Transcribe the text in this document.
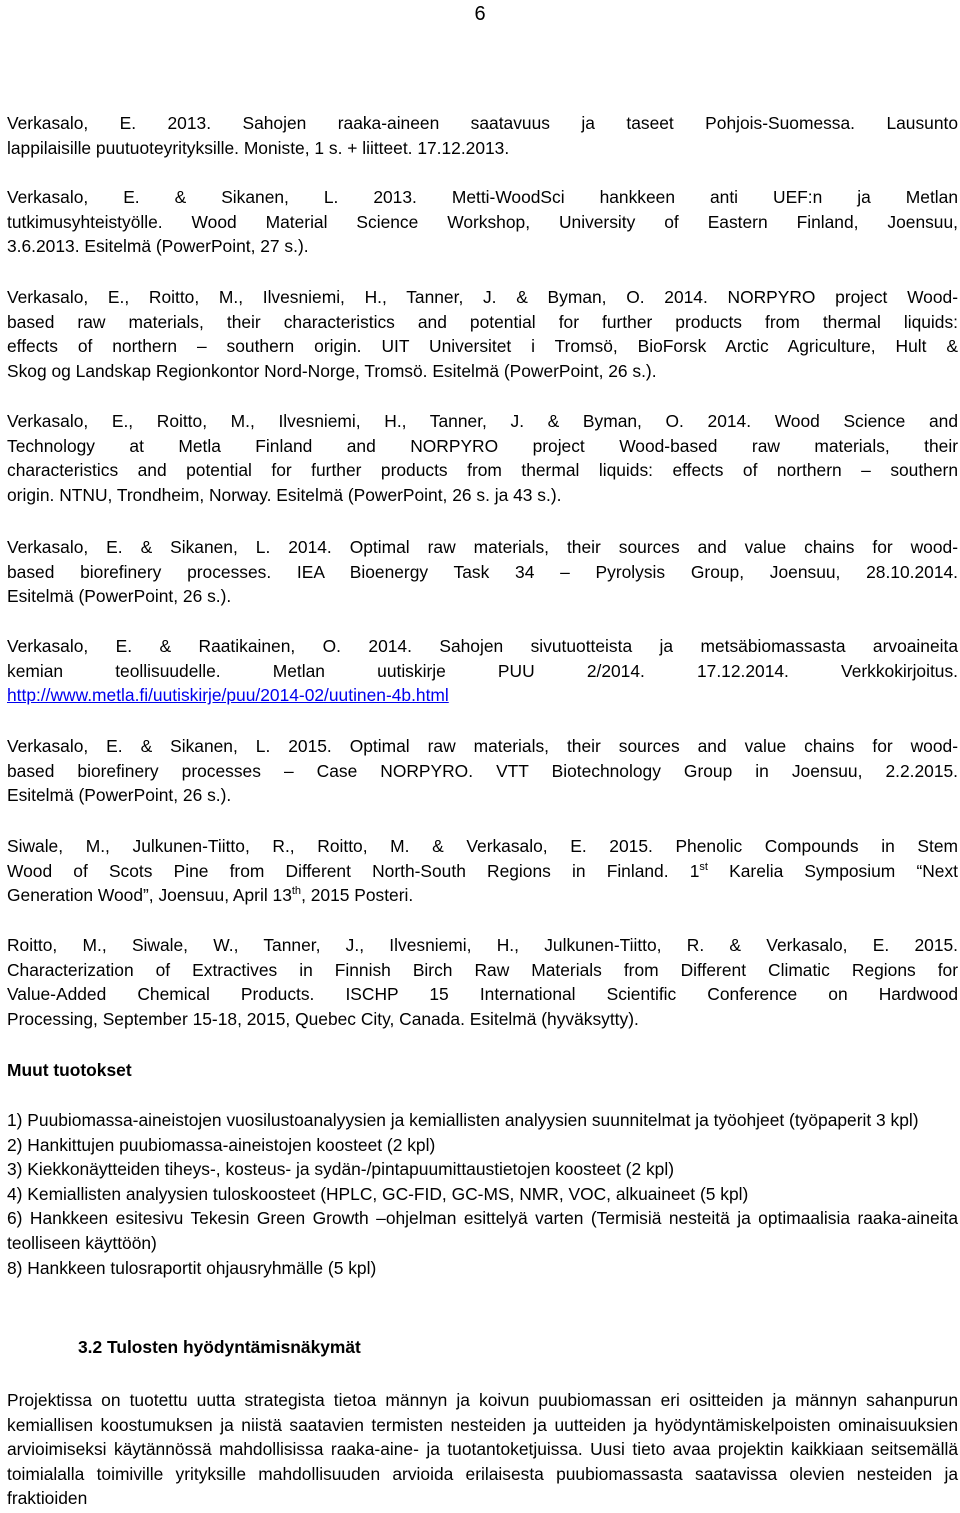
6
Verkasalo, E. 2013. Sahojen raaka-aineen saatavuus ja taseet Pohjois-Suomessa. Lausunto
lappilaisille puutuoteyrityksille. Moniste, 1 s. + liitteet. 17.12.2013.
Verkasalo, E. & Sikanen, L. 2013. Metti-WoodSci hankkeen anti UEF:n ja Metlan
tutkimusyhteistyölle. Wood Material Science Workshop, University of Eastern Finland, Joensuu,
3.6.2013. Esitelmä (PowerPoint, 27 s.).
Verkasalo, E., Roitto, M., Ilvesniemi, H., Tanner, J. & Byman, O. 2014. NORPYRO project Wood-
based raw materials, their characteristics and potential for further products from thermal liquids:
effects of northern – southern origin. UIT Universitet i Tromsö, BioForsk Arctic Agriculture, Hult &
Skog og Landskap Regionkontor Nord-Norge, Tromsö. Esitelmä (PowerPoint, 26 s.).
Verkasalo, E., Roitto, M., Ilvesniemi, H., Tanner, J. & Byman, O. 2014. Wood Science and
Technology at Metla Finland and NORPYRO project Wood-based raw materials, their
characteristics and potential for further products from thermal liquids: effects of northern – southern
origin. NTNU, Trondheim, Norway. Esitelmä (PowerPoint, 26 s. ja 43 s.).
Verkasalo, E. & Sikanen, L. 2014. Optimal raw materials, their sources and value chains for wood-
based biorefinery processes. IEA Bioenergy Task 34 – Pyrolysis Group, Joensuu, 28.10.2014.
Esitelmä (PowerPoint, 26 s.).
Verkasalo, E. & Raatikainen, O. 2014. Sahojen sivutuotteista ja metsäbiomassasta arvoaineita
kemian teollisuudelle. Metlan uutiskirje PUU 2/2014. 17.12.2014. Verkkokirjoitus.
http://www.metla.fi/uutiskirje/puu/2014-02/uutinen-4b.html
Verkasalo, E. & Sikanen, L. 2015. Optimal raw materials, their sources and value chains for wood-
based biorefinery processes – Case NORPYRO. VTT Biotechnology Group in Joensuu, 2.2.2015.
Esitelmä (PowerPoint, 26 s.).
Siwale, M., Julkunen-Tiitto, R., Roitto, M. & Verkasalo, E. 2015. Phenolic Compounds in Stem
Wood of Scots Pine from Different North-South Regions in Finland. 1st Karelia Symposium “Next
Generation Wood”, Joensuu, April 13th, 2015 Posteri.
Roitto, M., Siwale, W., Tanner, J., Ilvesniemi, H., Julkunen-Tiitto, R. & Verkasalo, E. 2015.
Characterization of Extractives in Finnish Birch Raw Materials from Different Climatic Regions for
Value-Added Chemical Products. ISCHP 15 International Scientific Conference on Hardwood
Processing, September 15-18, 2015, Quebec City, Canada. Esitelmä (hyväksytty).
Muut tuotokset
1) Puubiomassa-aineistojen vuosilustoanalyysien ja kemiallisten analyysien suunnitelmat ja työohjeet (työpaperit 3 kpl)
2) Hankittujen puubiomassa-aineistojen koosteet (2 kpl)
3) Kiekkonäytteiden tiheys-, kosteus- ja sydän-/pintapuumittaustietojen koosteet (2 kpl)
4) Kemiallisten analyysien tuloskoosteet (HPLC, GC-FID, GC-MS, NMR, VOC, alkuaineet (5 kpl)
6) Hankkeen esitesivu Tekesin Green Growth –ohjelman esittelyä varten (Termisiä nesteitä ja optimaalisia raaka-aineita teolliseen käyttöön)
8) Hankkeen tulosraportit ohjausryhmälle (5 kpl)
3.2 Tulosten hyödyntämisnäkymät
Projektissa on tuotettu uutta strategista tietoa männyn ja koivun puubiomassan eri ositteiden ja männyn sahanpurun kemiallisen koostumuksen ja niistä saatavien termisten nesteiden ja uutteiden ja hyödyntämiskelpoisten ominaisuuksien arvioimiseksi käytännössä mahdollisissa raaka-aine- ja tuotantoketjuissa. Uusi tieto avaa projektin kaikkiaan seitsemällä toimialalla toimiville yrityksille mahdollisuuden arvioida erilaisesta puubiomassasta saatavissa olevien nesteiden ja fraktioiden
